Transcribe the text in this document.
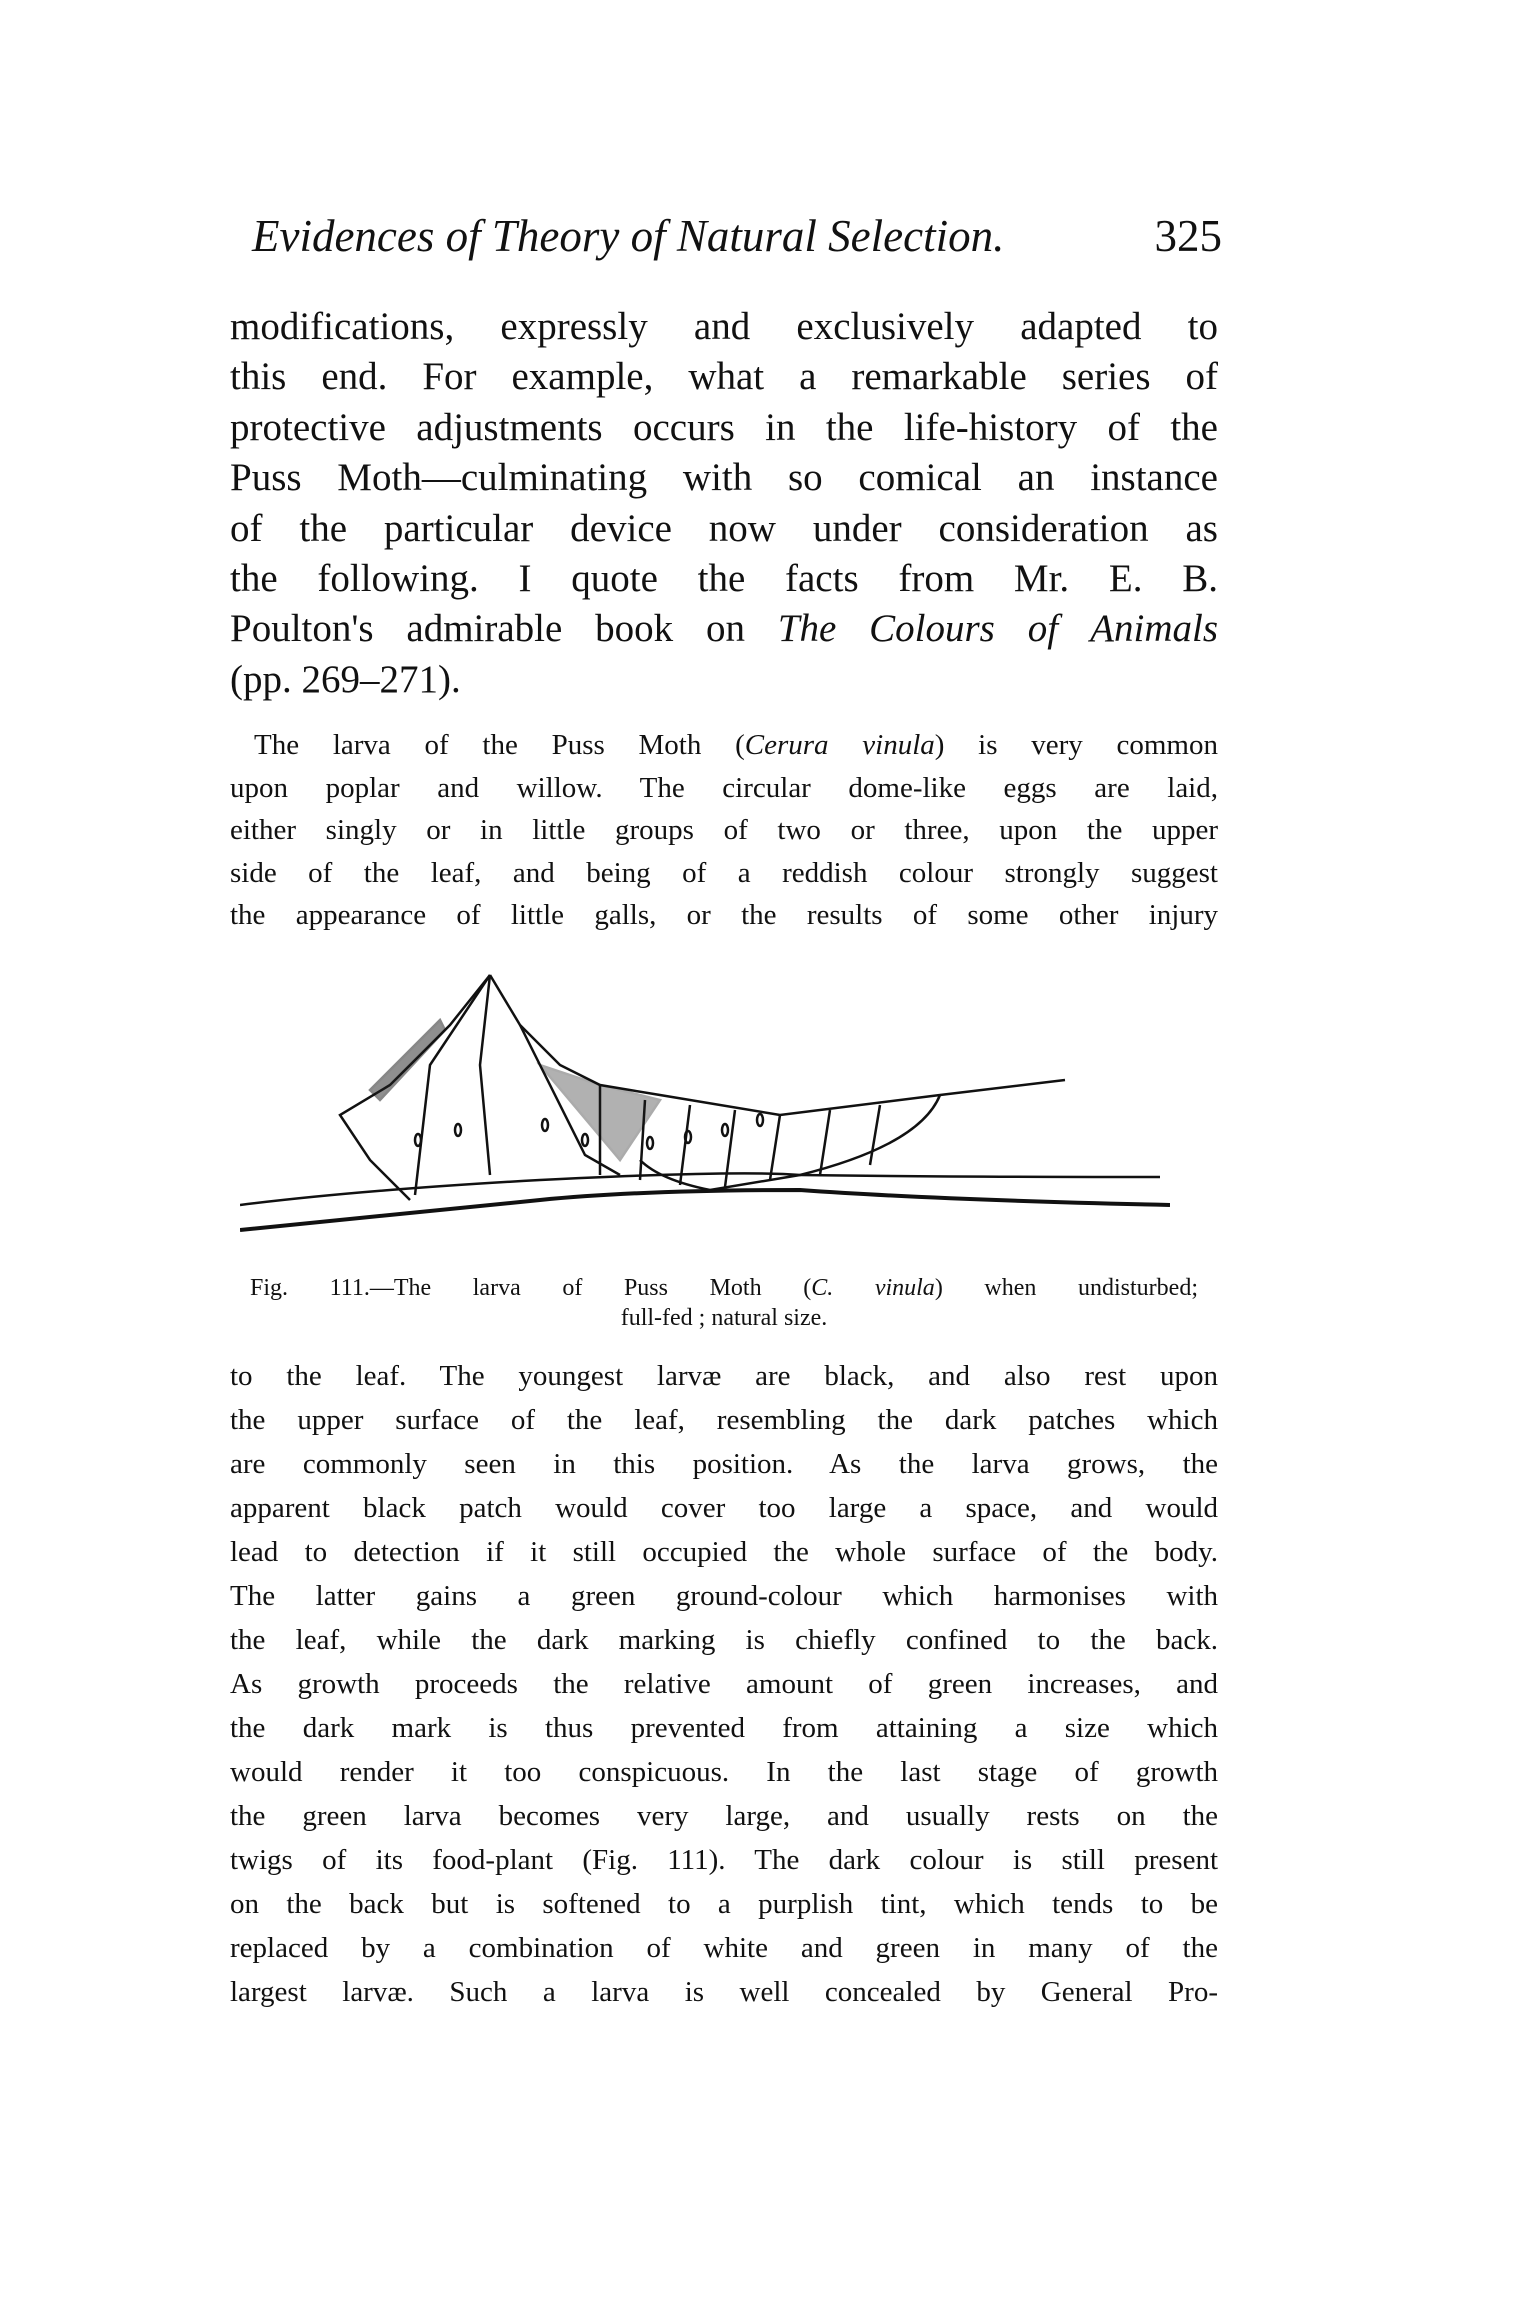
Evidences of Theory of Natural Selection.	325
modifications, expressly and exclusively adapted to
this end. For example, what a remarkable series of
protective adjustments occurs in the life-history of the
Puss Moth—culminating with so comical an instance
of the particular device now under consideration as
the following. I quote the facts from Mr. E. B.
Poulton's admirable book on The Colours of Animals
(pp. 269–271).
The larva of the Puss Moth (Cerura vinula) is very common
upon poplar and willow. The circular dome-like eggs are laid,
either singly or in little groups of two or three, upon the upper
side of the leaf, and being of a reddish colour strongly suggest
the appearance of little galls, or the results of some other injury
Fig. 111.—The larva of Puss Moth (C. vinula) when undisturbed;
full-fed ; natural size.
to the leaf. The youngest larvæ are black, and also rest upon
the upper surface of the leaf, resembling the dark patches which
are commonly seen in this position. As the larva grows, the
apparent black patch would cover too large a space, and would
lead to detection if it still occupied the whole surface of the body.
The latter gains a green ground-colour which harmonises with
the leaf, while the dark marking is chiefly confined to the back.
As growth proceeds the relative amount of green increases, and
the dark mark is thus prevented from attaining a size which
would render it too conspicuous. In the last stage of growth
the green larva becomes very large, and usually rests on the
twigs of its food-plant (Fig. 111). The dark colour is still present
on the back but is softened to a purplish tint, which tends to be
replaced by a combination of white and green in many of the
largest larvæ. Such a larva is well concealed by General Pro-
